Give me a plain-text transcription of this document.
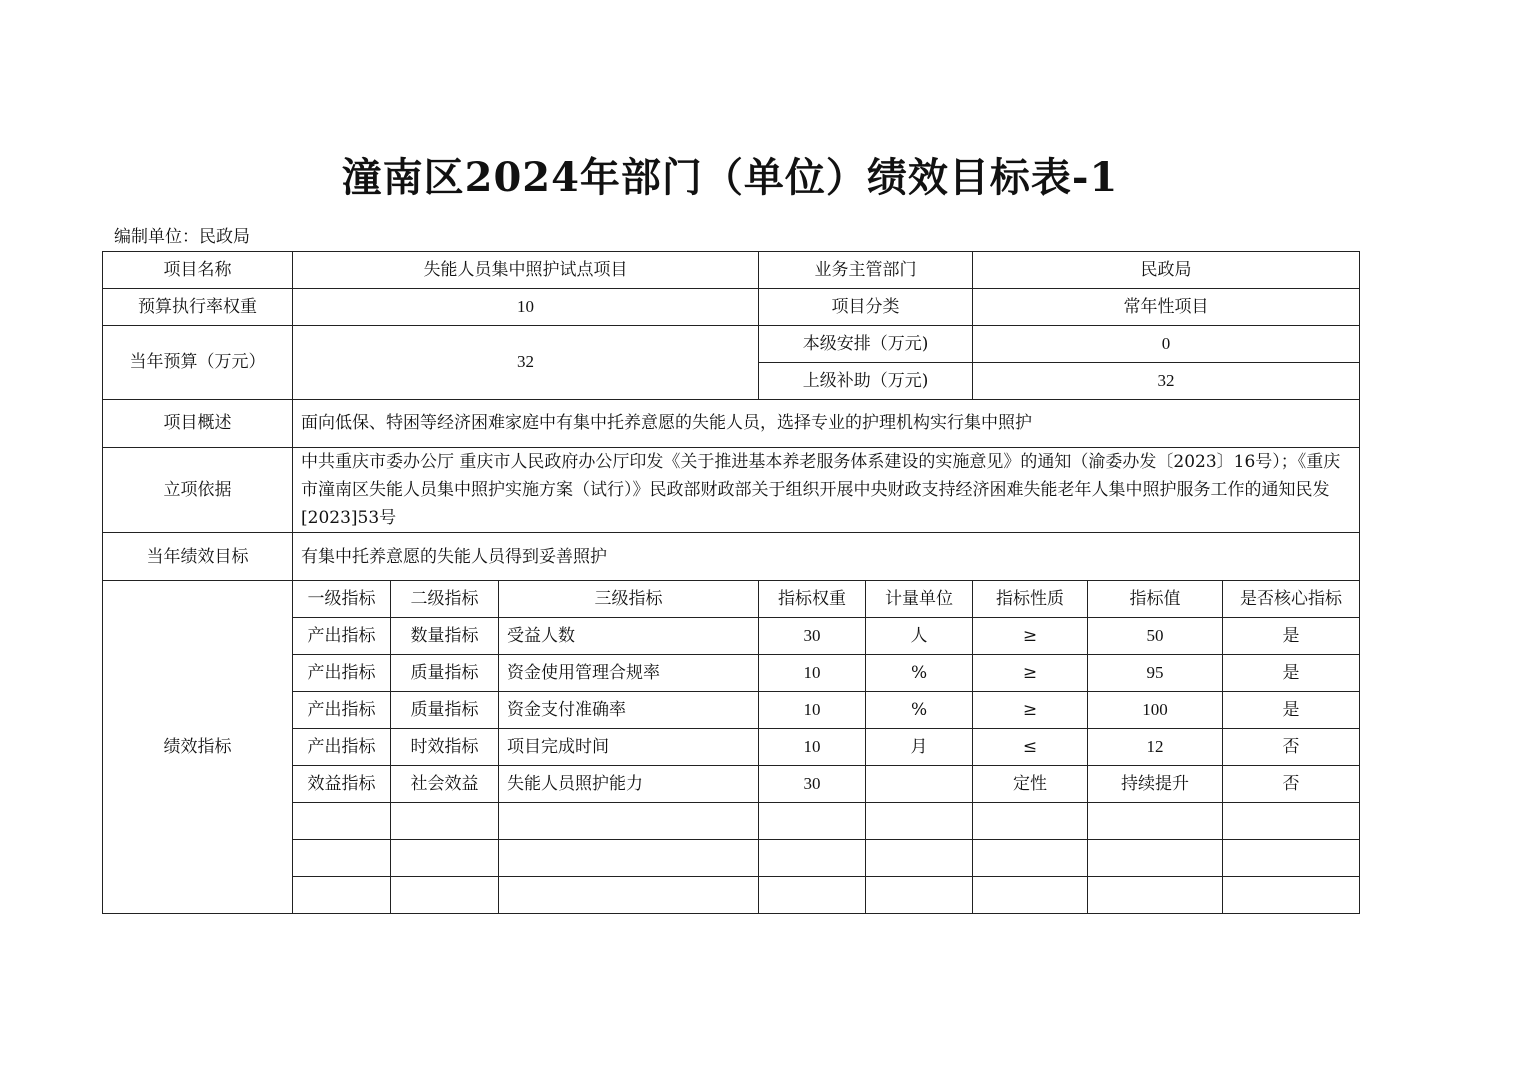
潼南区2024年部门（单位）绩效目标表-1
编制单位：民政局
项目名称	失能人员集中照护试点项目			业务主管部门		民政局		
预算执行率权重	10			项目分类		常年性项目		
当年预算（万元）	32			本级安排（万元)		0		
				上级补助（万元)		32		
项目概述	面向低保、特困等经济困难家庭中有集中托养意愿的失能人员，选择专业的护理机构实行集中照护							
立项依据	中共重庆市委办公厅 重庆市人民政府办公厅印发《关于推进基本养老服务体系建设的实施意见》的通知（渝委办发〔2023〕16号）；《重庆市潼南区失能人员集中照护实施方案（试行）》民政部财政部关于组织开展中央财政支持经济困难失能老年人集中照护服务工作的通知民发[2023]53号							
当年绩效目标	有集中托养意愿的失能人员得到妥善照护							
绩效指标	一级指标	二级指标	三级指标	指标权重	计量单位	指标性质	指标值	是否核心指标
	产出指标	数量指标	受益人数	30	人	≥	50	是
	产出指标	质量指标	资金使用管理合规率	10	%	≥	95	是
	产出指标	质量指标	资金支付准确率	10	%	≥	100	是
	产出指标	时效指标	项目完成时间	10	月	≤	12	否
	效益指标	社会效益	失能人员照护能力	30		定性	持续提升	否
